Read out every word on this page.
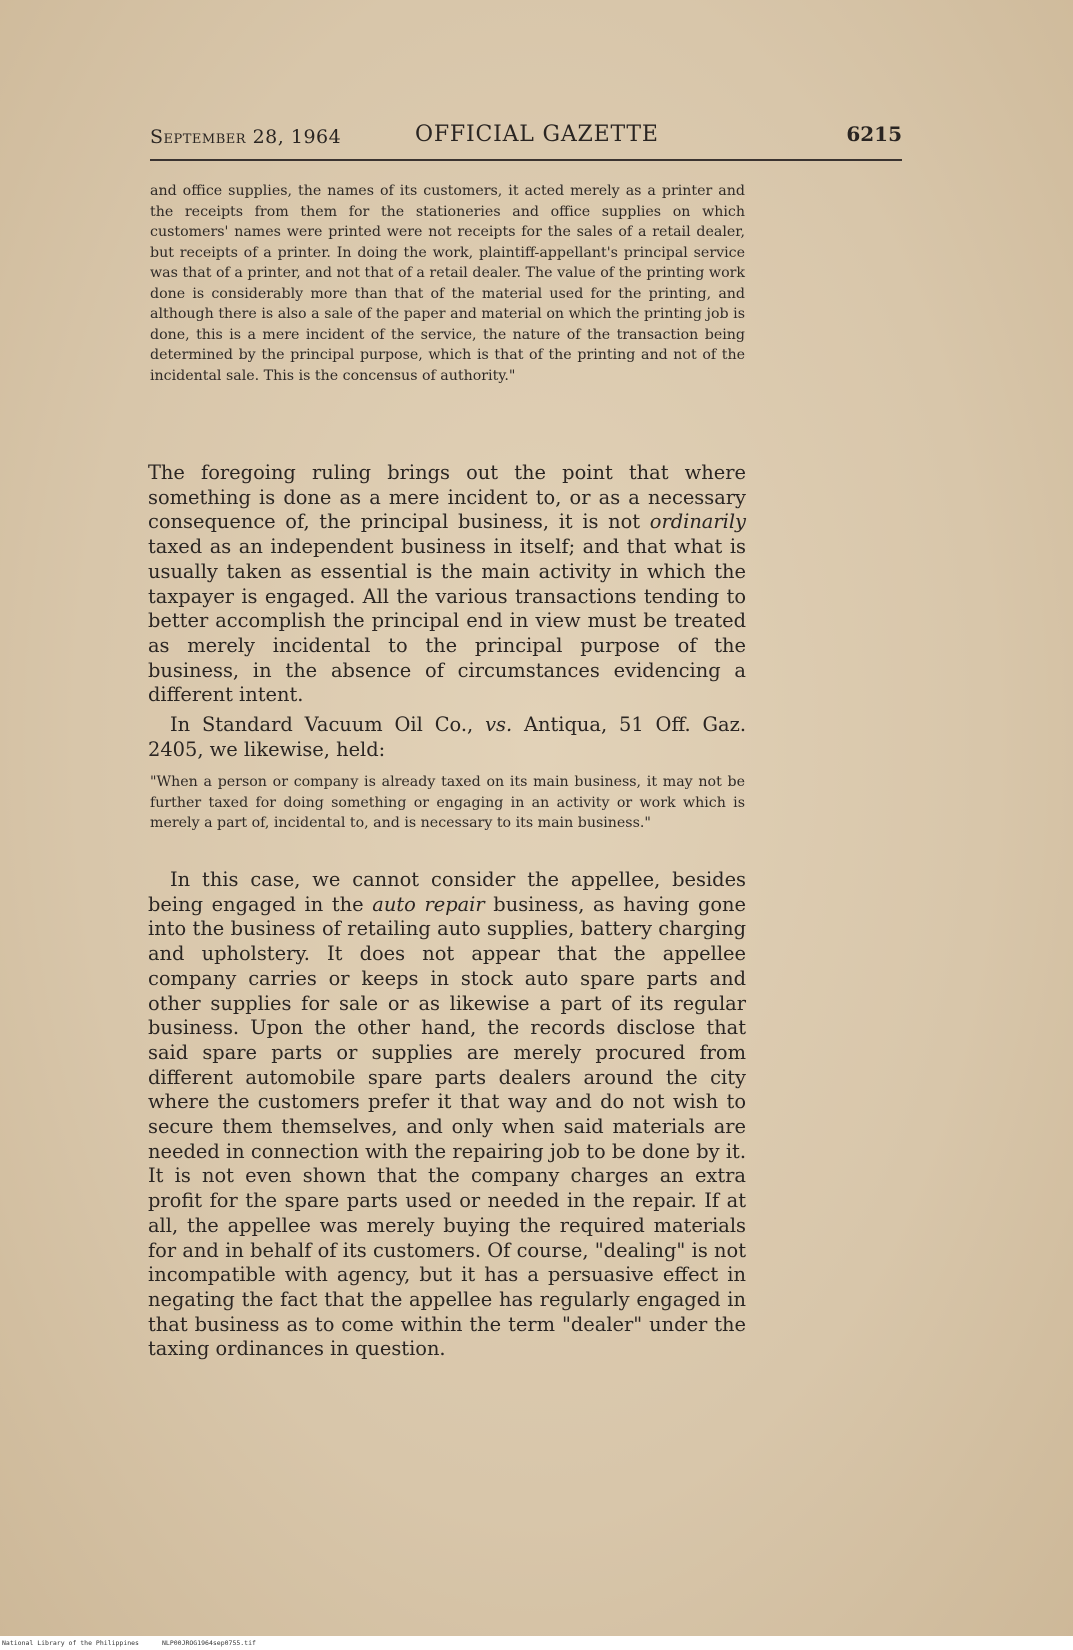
September 28, 1964	OFFICIAL GAZETTE	6215
and office supplies, the names of its customers, it acted merely as a printer and the receipts from them for the stationeries and office supplies on which customers' names were printed were not receipts for the sales of a retail dealer, but receipts of a printer. In doing the work, plaintiff-appellant's principal service was that of a printer, and not that of a retail dealer. The value of the printing work done is considerably more than that of the material used for the printing, and although there is also a sale of the paper and material on which the printing job is done, this is a mere incident of the service, the nature of the transaction being determined by the principal purpose, which is that of the printing and not of the incidental sale. This is the concensus of authority."
The foregoing ruling brings out the point that where something is done as a mere incident to, or as a necessary consequence of, the principal business, it is not ordinarily taxed as an independent business in itself; and that what is usually taken as essential is the main activity in which the taxpayer is engaged. All the various transactions tending to better accomplish the principal end in view must be treated as merely incidental to the principal purpose of the business, in the absence of circumstances evidencing a different intent.
In Standard Vacuum Oil Co., vs. Antiqua, 51 Off. Gaz. 2405, we likewise, held:
"When a person or company is already taxed on its main business, it may not be further taxed for doing something or engaging in an activity or work which is merely a part of, incidental to, and is necessary to its main business."
In this case, we cannot consider the appellee, besides being engaged in the auto repair business, as having gone into the business of retailing auto supplies, battery charging and upholstery. It does not appear that the appellee company carries or keeps in stock auto spare parts and other supplies for sale or as likewise a part of its regular business. Upon the other hand, the records disclose that said spare parts or supplies are merely procured from different automobile spare parts dealers around the city where the customers prefer it that way and do not wish to secure them themselves, and only when said materials are needed in connection with the repairing job to be done by it. It is not even shown that the company charges an extra profit for the spare parts used or needed in the repair. If at all, the appellee was merely buying the required materials for and in behalf of its customers. Of course, "dealing" is not incompatible with agency, but it has a persuasive effect in negating the fact that the appellee has regularly engaged in that business as to come within the term "dealer" under the taxing ordinances in question.
National Library of the Philippines	NLP00JROG1964sep0755.tif
